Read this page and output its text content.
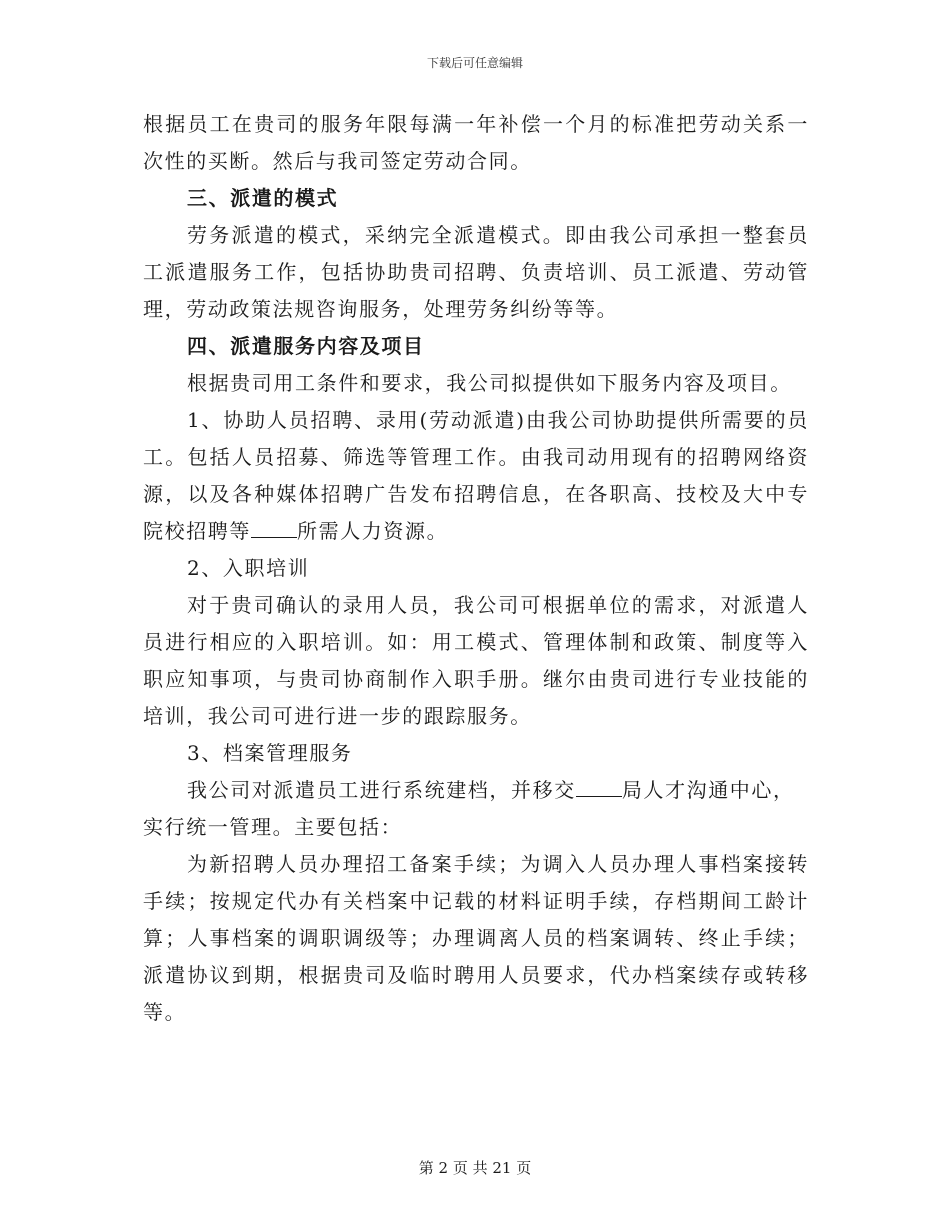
下载后可任意编辑
根据员工在贵司的服务年限每满一年补偿一个月的标准把劳动关系一
次性的买断。然后与我司签定劳动合同。
三、派遣的模式
劳务派遣的模式，采纳完全派遣模式。即由我公司承担一整套员
工派遣服务工作，包括协助贵司招聘、负责培训、员工派遣、劳动管
理，劳动政策法规咨询服务，处理劳务纠纷等等。
四、派遣服务内容及项目
根据贵司用工条件和要求，我公司拟提供如下服务内容及项目。
1、协助人员招聘、录用(劳动派遣)由我公司协助提供所需要的员
工。包括人员招募、筛选等管理工作。由我司动用现有的招聘网络资
源，以及各种媒体招聘广告发布招聘信息，在各职高、技校及大中专
院校招聘等 所需人力资源。
2、入职培训
对于贵司确认的录用人员，我公司可根据单位的需求，对派遣人
员进行相应的入职培训。如：用工模式、管理体制和政策、制度等入
职应知事项，与贵司协商制作入职手册。继尔由贵司进行专业技能的
培训，我公司可进行进一步的跟踪服务。
3、档案管理服务
我公司对派遣员工进行系统建档，并移交 局人才沟通中心，
实行统一管理。主要包括：
为新招聘人员办理招工备案手续；为调入人员办理人事档案接转
手续；按规定代办有关档案中记载的材料证明手续，存档期间工龄计
算；人事档案的调职调级等；办理调离人员的档案调转、终止手续；
派遣协议到期，根据贵司及临时聘用人员要求，代办档案续存或转移
等。
第 2 页 共 21 页
